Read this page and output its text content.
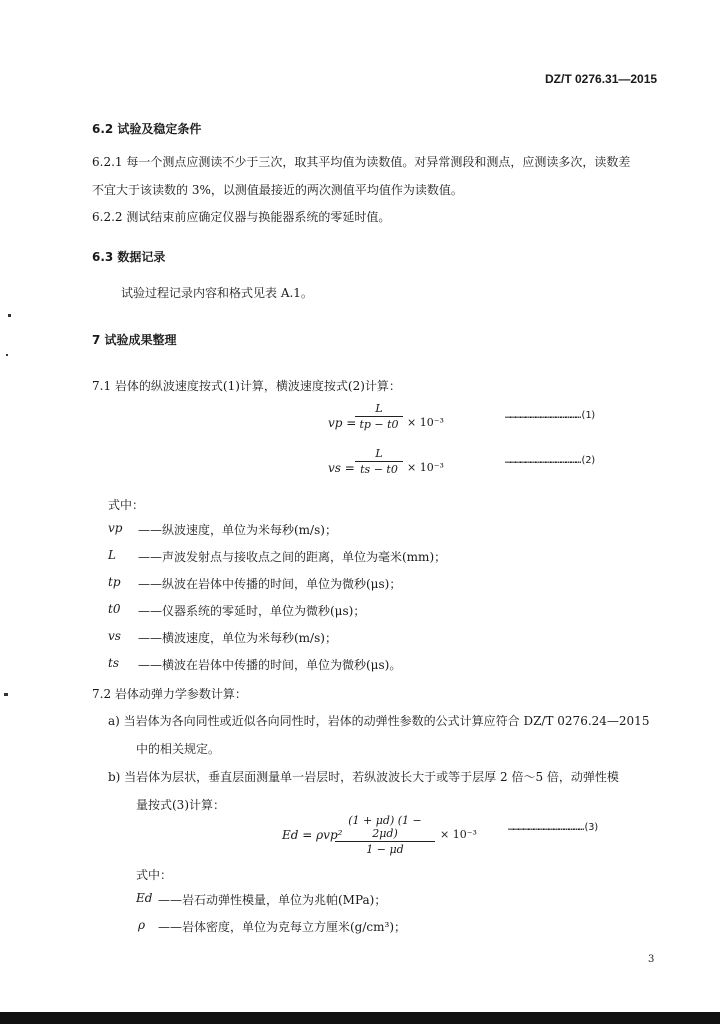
DZ/T 0276.31—2015
6.2 试验及稳定条件
6.2.1 每一个测点应测读不少于三次，取其平均值为读数值。对异常测段和测点，应测读多次，读数差
不宜大于该读数的 3%，以测值最接近的两次测值平均值作为读数值。
6.2.2 测试结束前应确定仪器与换能器系统的零延时值。
6.3 数据记录
试验过程记录内容和格式见表 A.1。
7 试验成果整理
7.1 岩体的纵波速度按式(1)计算，横波速度按式(2)计算：
vp =
L
tp − t0 × 10⁻³
………………………………………(1)
vs =
L
ts − t0 × 10⁻³
………………………………………(2)
式中：
vp ——纵波速度，单位为米每秒(m/s)；
L ——声波发射点与接收点之间的距离，单位为毫米(mm)；
tp ——纵波在岩体中传播的时间，单位为微秒(μs)；
t0 ——仪器系统的零延时，单位为微秒(μs)；
vs ——横波速度，单位为米每秒(m/s)；
ts ——横波在岩体中传播的时间，单位为微秒(μs)。
7.2 岩体动弹力学参数计算：
a) 当岩体为各向同性或近似各向同性时，岩体的动弹性参数的公式计算应符合 DZ/T 0276.24—2015
中的相关规定。
b) 当岩体为层状，垂直层面测量单一岩层时，若纵波波长大于或等于层厚 2 倍～5 倍，动弹性模
量按式(3)计算：
Ed = ρvp²
(1 + μd) (1 − 2μd)
1 − μd
× 10⁻³
………………………………………(3)
式中：
Ed ——岩石动弹性模量，单位为兆帕(MPa)；
ρ ——岩体密度，单位为克每立方厘米(g/cm³)；
3
